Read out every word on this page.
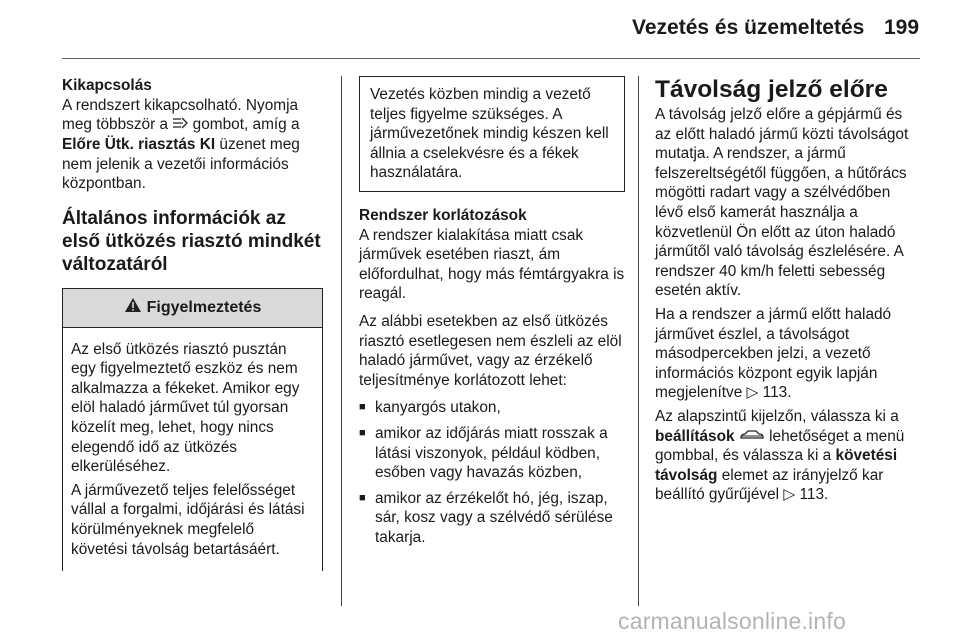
Vezetés és üzemeltetés 199

Kikapcsolás

A rendszert kikapcsolható. Nyomja meg többször a  gombot, amíg a Előre Ütk. riasztás KI üzenet meg nem jelenik a vezetői információs központban.

Általános információk az első ütközés riasztó mindkét változatáról
Figyelmeztetés

Az első ütközés riasztó pusztán egy figyelmeztető eszköz és nem alkalmazza a fékeket. Amikor egy elöl haladó járművet túl gyorsan közelít meg, lehet, hogy nincs elegendő idő az ütközés elkerüléséhez.

A járművezető teljes felelősséget vállal a forgalmi, időjárási és látási körülményeknek megfelelő követési távolság betartásáért.

Vezetés közben mindig a vezető teljes figyelme szükséges. A járművezetőnek mindig készen kell állnia a cselekvésre és a fékek használatára.

Rendszer korlátozások

A rendszer kialakítása miatt csak járművek esetében riaszt, ám előfordulhat, hogy más fémtárgyakra is reagál.

Az alábbi esetekben az első ütközés riasztó esetlegesen nem észleli az elöl haladó járművet, vagy az érzékelő teljesítménye korlátozott lehet:

■ kanyargós utakon,
■ amikor az időjárás miatt rosszak a látási viszonyok, például ködben, esőben vagy havazás közben,
■ amikor az érzékelőt hó, jég, iszap, sár, kosz vagy a szélvédő sérülése takarja.
Távolság jelző előre

A távolság jelző előre a gépjármű és az előtt haladó jármű közti távolságot mutatja. A rendszer, a jármű felszereltségétől függően, a hűtőrács mögötti radart vagy a szélvédőben lévő első kamerát használja a közvetlenül Ön előtt az úton haladó járműtől való távolság észlelésére. A rendszer 40 km/h feletti sebesség esetén aktív.

Ha a rendszer a jármű előtt haladó járművet észlel, a távolságot másodpercekben jelzi, a vezető információs központ egyik lapján megjelenítve ▷ 113.

Az alapszintű kijelzőn, válassza ki a beállítások  lehetőséget a menü gombbal, és válassza ki a követési távolság elemet az irányjelző kar beállító gyűrűjével ▷ 113.

carmanualsonline.info
